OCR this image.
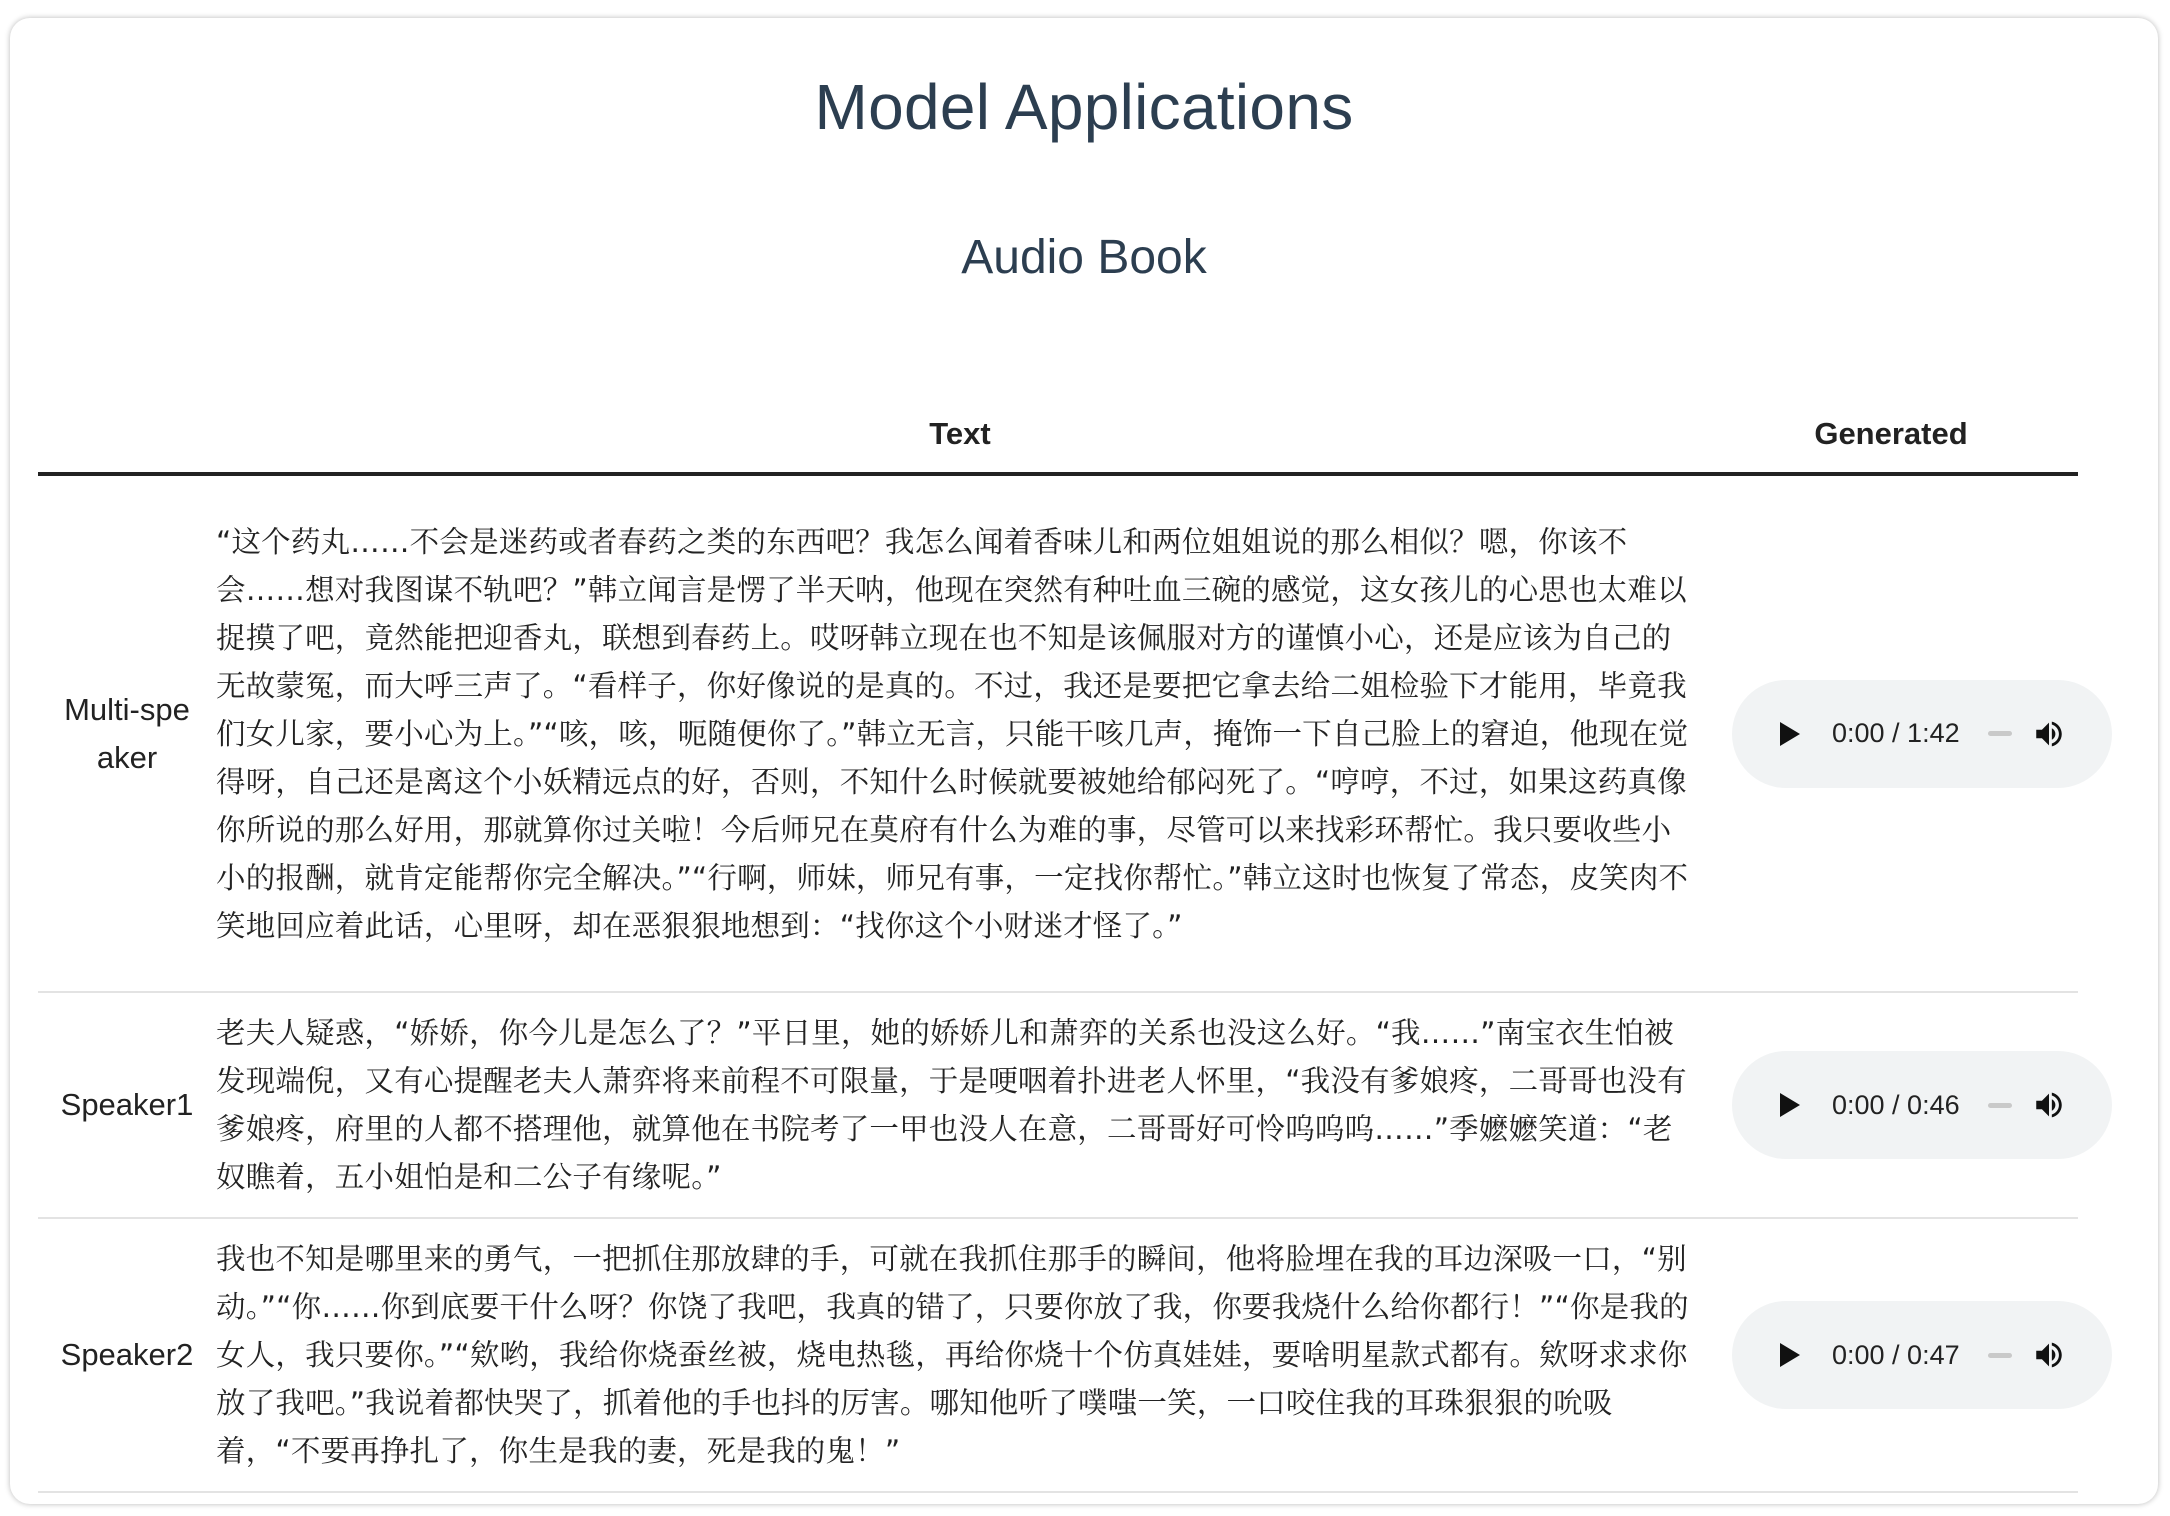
Model Applications
Audio Book
	Text	Generated
Multi-speaker	“这个药丸……不会是迷药或者春药之类的东西吧？我怎么闻着香味儿和两位姐姐说的那么相似？嗯，你该不会……想对我图谋不轨吧？”韩立闻言是愣了半天呐，他现在突然有种吐血三碗的感觉，这女孩儿的心思也太难以捉摸了吧，竟然能把迎香丸，联想到春药上。哎呀韩立现在也不知是该佩服对方的谨慎小心，还是应该为自己的无故蒙冤，而大呼三声了。“看样子，你好像说的是真的。不过，我还是要把它拿去给二姐检验下才能用，毕竟我们女儿家，要小心为上。”“咳，咳，呃随便你了。”韩立无言，只能干咳几声，掩饰一下自己脸上的窘迫，他现在觉得呀，自己还是离这个小妖精远点的好，否则，不知什么时候就要被她给郁闷死了。“哼哼，不过，如果这药真像你所说的那么好用，那就算你过关啦！今后师兄在莫府有什么为难的事，尽管可以来找彩环帮忙。我只要收些小小的报酬，就肯定能帮你完全解决。”“行啊，师妹，师兄有事，一定找你帮忙。”韩立这时也恢复了常态，皮笑肉不笑地回应着此话，心里呀，却在恶狠狠地想到：“找你这个小财迷才怪了。”	0:00 / 1:42

Speaker1	老夫人疑惑，“娇娇，你今儿是怎么了？”平日里，她的娇娇儿和萧弈的关系也没这么好。“我……”南宝衣生怕被发现端倪，又有心提醒老夫人萧弈将来前程不可限量，于是哽咽着扑进老人怀里，“我没有爹娘疼，二哥哥也没有爹娘疼，府里的人都不搭理他，就算他在书院考了一甲也没人在意，二哥哥好可怜呜呜呜……”季嬷嬷笑道：“老奴瞧着，五小姐怕是和二公子有缘呢。”	0:00 / 0:46

Speaker2	我也不知是哪里来的勇气，一把抓住那放肆的手，可就在我抓住那手的瞬间，他将脸埋在我的耳边深吸一口，“别动。”“你……你到底要干什么呀？你饶了我吧，我真的错了，只要你放了我，你要我烧什么给你都行！”“你是我的女人，我只要你。”“欸哟，我给你烧蚕丝被，烧电热毯，再给你烧十个仿真娃娃，要啥明星款式都有。欸呀求求你放了我吧。”我说着都快哭了，抓着他的手也抖的厉害。哪知他听了噗嗤一笑，一口咬住我的耳珠狠狠的吮吸着，“不要再挣扎了，你生是我的妻，死是我的鬼！”	0:00 / 0:47
